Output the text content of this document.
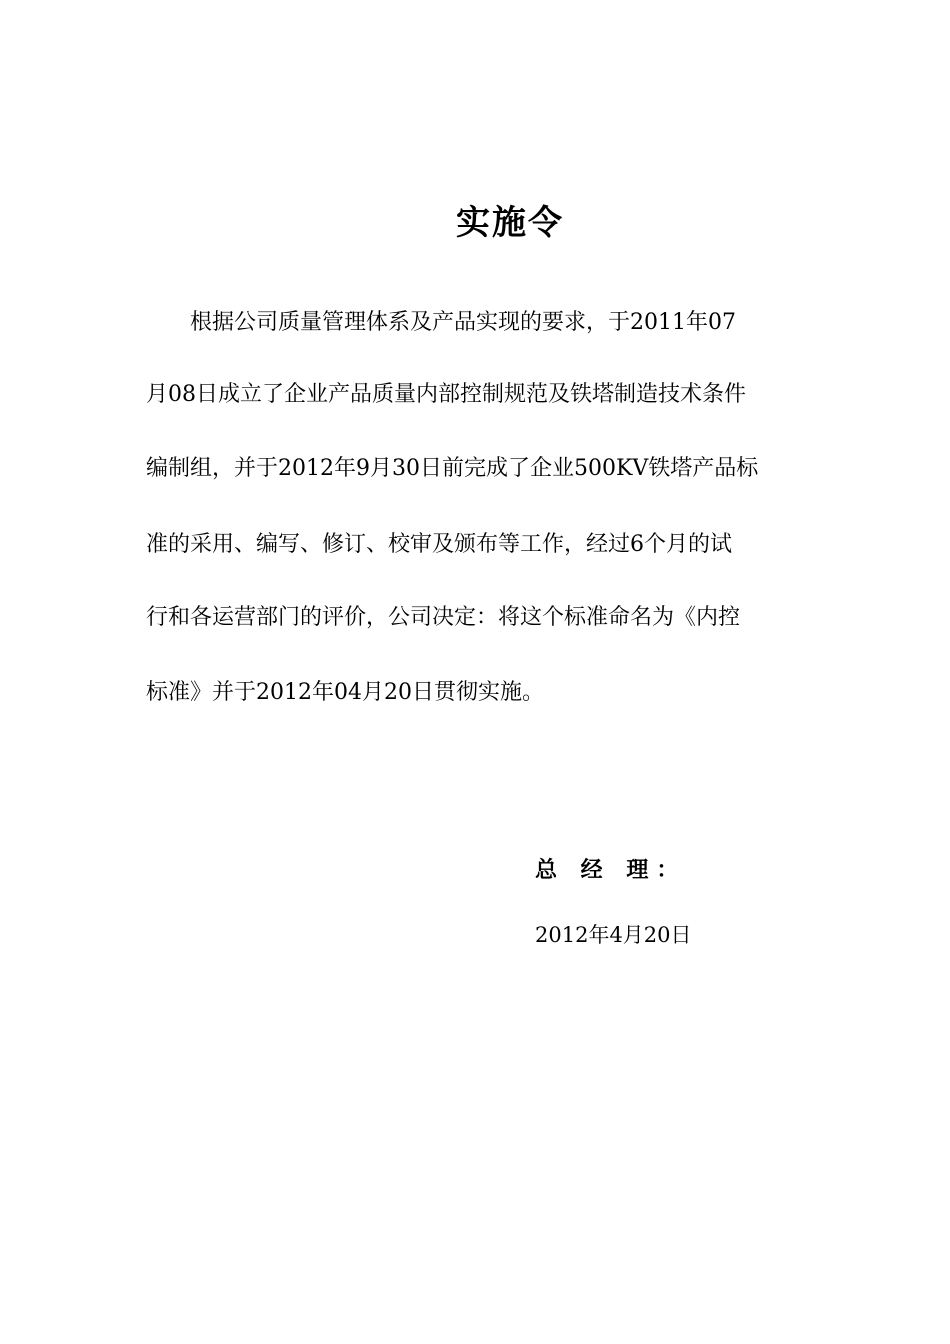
实施令
根据公司质量管理体系及产品实现的要求，于2011年07
月08日成立了企业产品质量内部控制规范及铁塔制造技术条件
编制组，并于2012年9月30日前完成了企业500KV铁塔产品标
准的采用、编写、修订、校审及颁布等工作，经过6个月的试
行和各运营部门的评价，公司决定：将这个标准命名为《内控
标准》并于2012年04月20日贯彻实施。
总 经 理：
2012年4月20日
